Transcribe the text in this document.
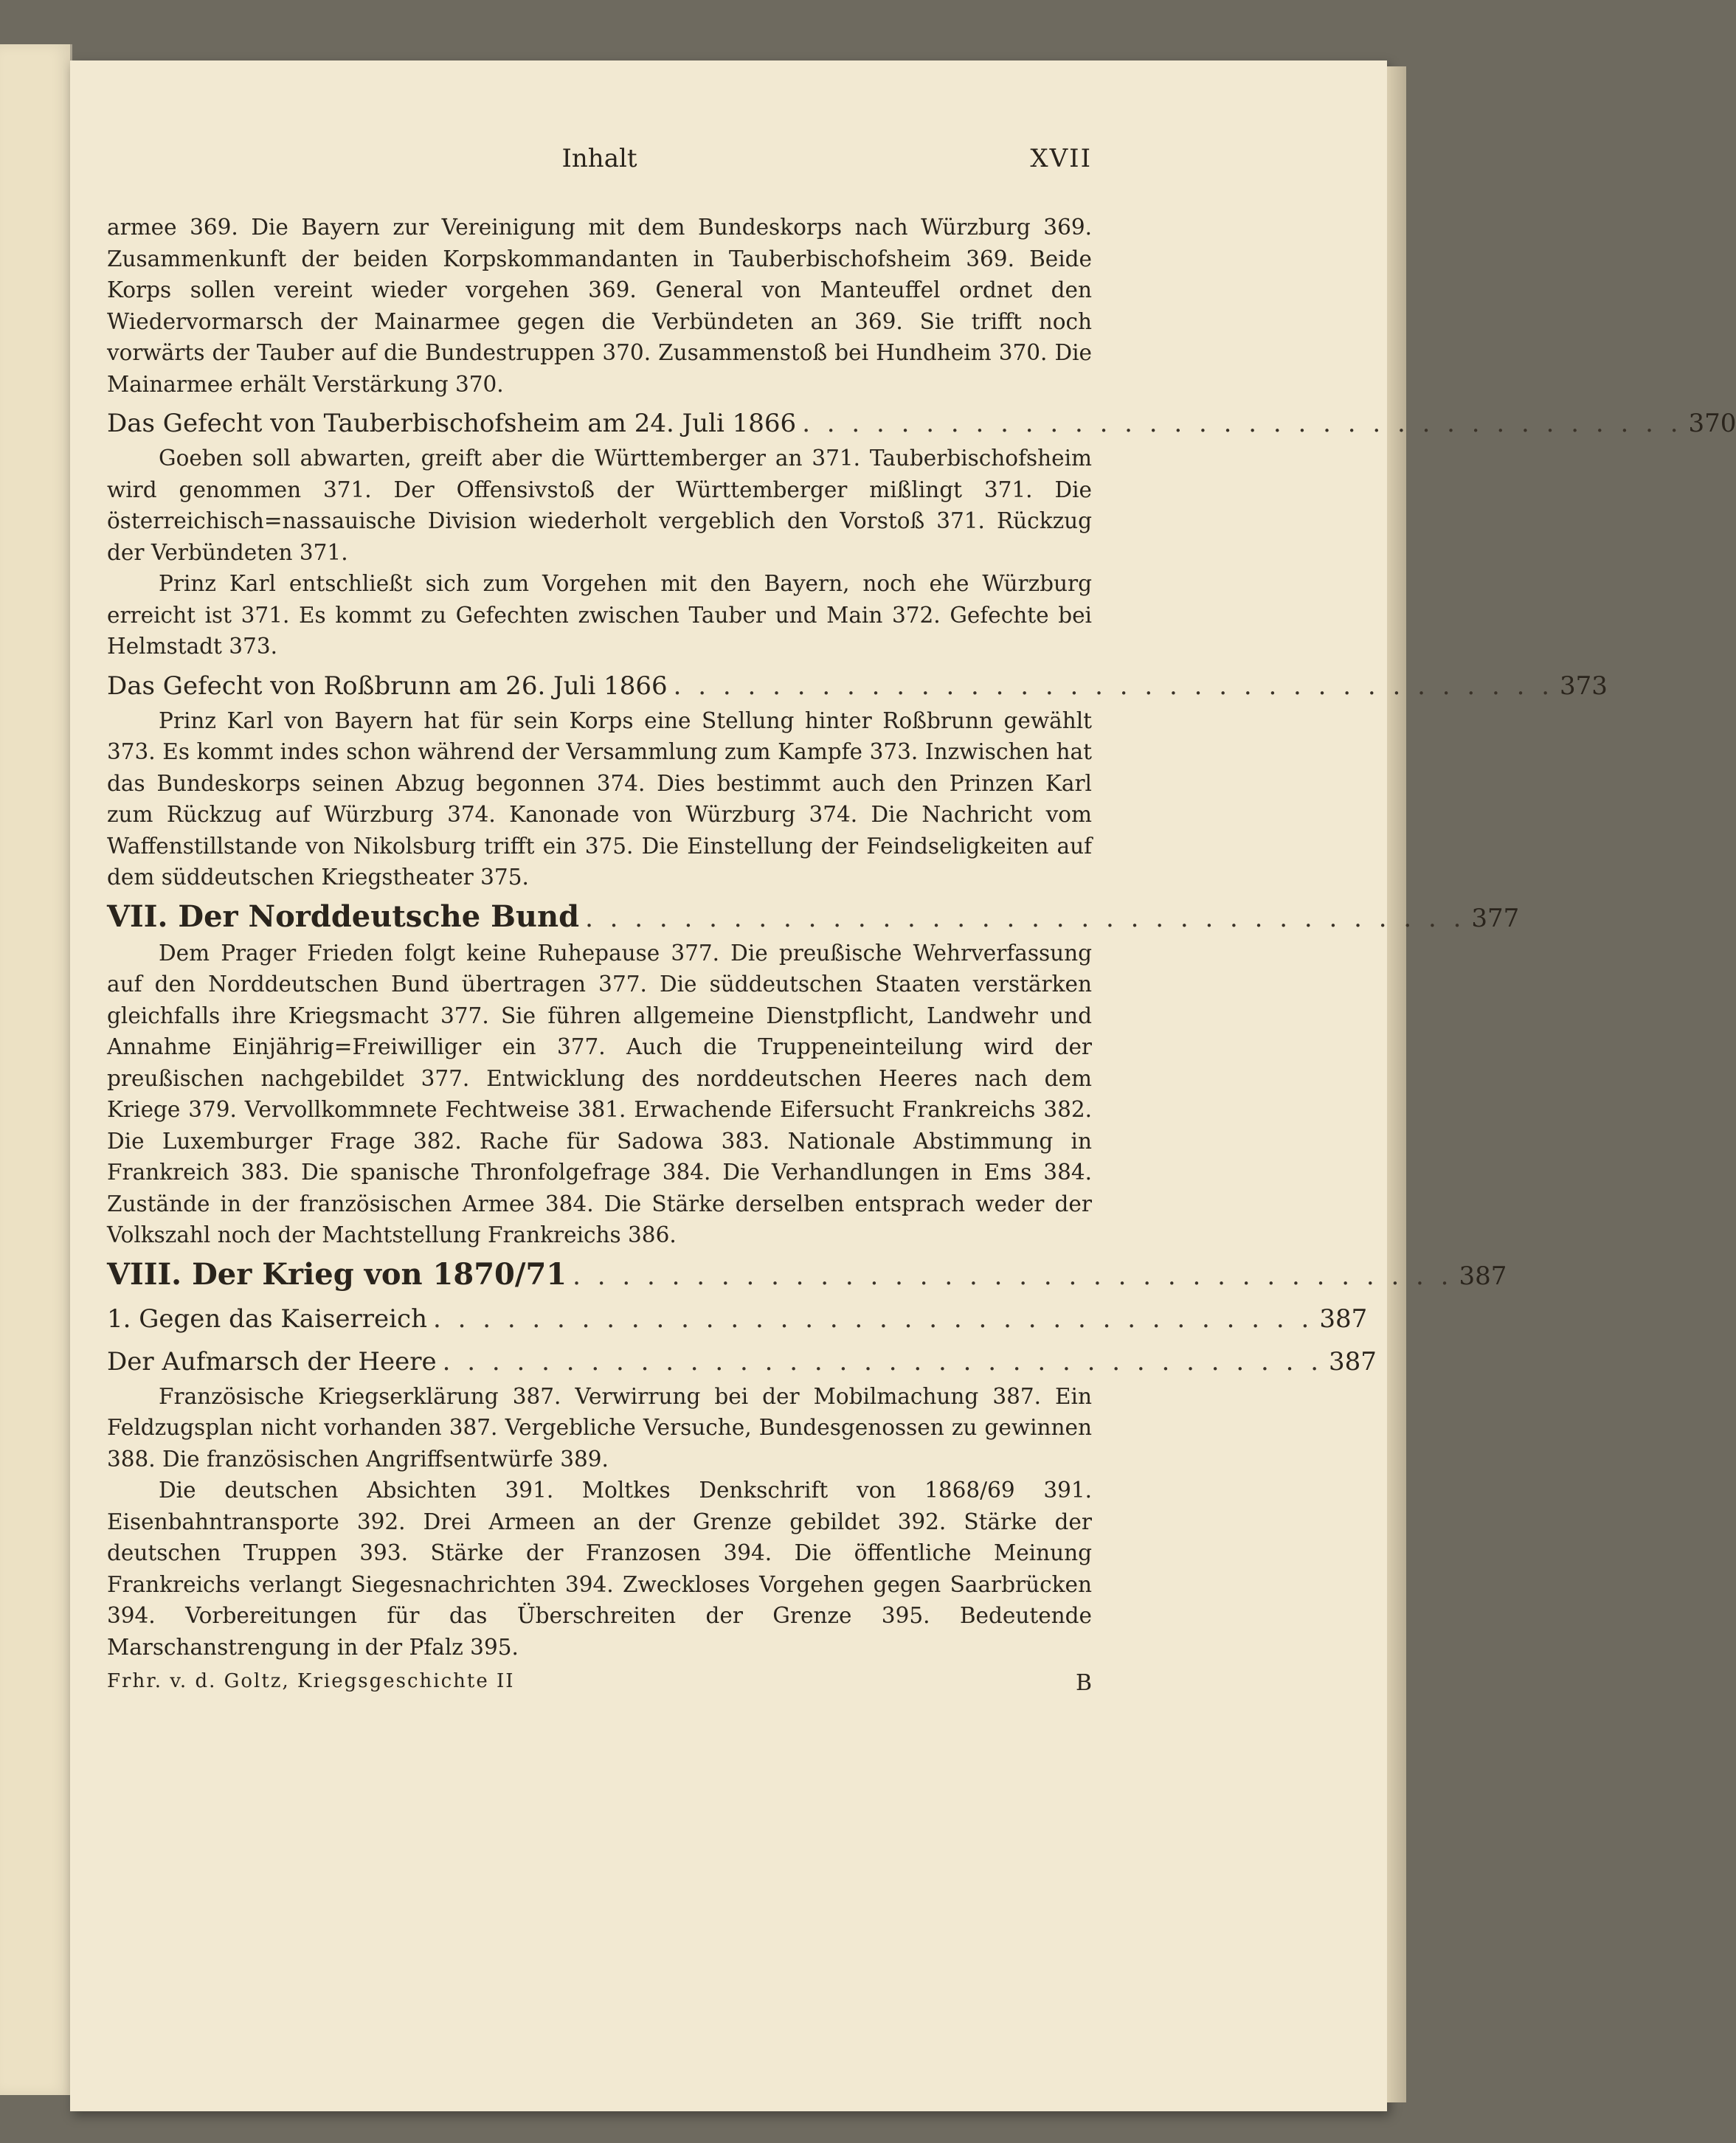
Inhalt	XVII

armee 369. Die Bayern zur Vereinigung mit dem Bundeskorps nach Würzburg 369. Zusammenkunft der beiden Korpskommandanten in Tauberbischofsheim 369. Beide Korps sollen vereint wieder vorgehen 369. General von Manteuffel ordnet den Wiedervormarsch der Mainarmee gegen die Verbündeten an 369. Sie trifft noch vorwärts der Tauber auf die Bundestruppen 370. Zusammenstoß bei Hundheim 370. Die Mainarmee erhält Verstärkung 370.

Das Gefecht von Tauberbischofsheim am 24. Juli 1866 . . . . . . . . . . . . . . . . . . . . . . . . . . . . . . . . . . . . 370

Goeben soll abwarten, greift aber die Württemberger an 371. Tauberbischofsheim wird genommen 371. Der Offensivstoß der Württemberger mißlingt 371. Die österreichisch=nassauische Division wiederholt vergeblich den Vorstoß 371. Rückzug der Verbündeten 371.

Prinz Karl entschließt sich zum Vorgehen mit den Bayern, noch ehe Würzburg erreicht ist 371. Es kommt zu Gefechten zwischen Tauber und Main 372. Gefechte bei Helmstadt 373.

Das Gefecht von Roßbrunn am 26. Juli 1866 . . . . . . . . . . . . . . . . . . . . . . . . . . . . . . . . . . . . 373

Prinz Karl von Bayern hat für sein Korps eine Stellung hinter Roßbrunn gewählt 373. Es kommt indes schon während der Versammlung zum Kampfe 373. Inzwischen hat das Bundeskorps seinen Abzug begonnen 374. Dies bestimmt auch den Prinzen Karl zum Rückzug auf Würzburg 374. Kanonade von Würzburg 374. Die Nachricht vom Waffenstillstande von Nikolsburg trifft ein 375. Die Einstellung der Feindseligkeiten auf dem süddeutschen Kriegstheater 375.

VII. Der Norddeutsche Bund . . . . . . . . . . . . . . . . . . . . . . . . . . . . . . . . . . . . 377

Dem Prager Frieden folgt keine Ruhepause 377. Die preußische Wehrverfassung auf den Norddeutschen Bund übertragen 377. Die süddeutschen Staaten verstärken gleichfalls ihre Kriegsmacht 377. Sie führen allgemeine Dienstpflicht, Landwehr und Annahme Einjährig=Freiwilliger ein 377. Auch die Truppeneinteilung wird der preußischen nachgebildet 377. Entwicklung des norddeutschen Heeres nach dem Kriege 379. Vervollkommnete Fechtweise 381. Erwachende Eifersucht Frankreichs 382. Die Luxemburger Frage 382. Rache für Sadowa 383. Nationale Abstimmung in Frankreich 383. Die spanische Thronfolgefrage 384. Die Verhandlungen in Ems 384. Zustände in der französischen Armee 384. Die Stärke derselben entsprach weder der Volkszahl noch der Machtstellung Frankreichs 386.

VIII. Der Krieg von 1870/71 . . . . . . . . . . . . . . . . . . . . . . . . . . . . . . . . . . . . 387
1. Gegen das Kaiserreich . . . . . . . . . . . . . . . . . . . . . . . . . . . . . . . . . . . . 387
Der Aufmarsch der Heere . . . . . . . . . . . . . . . . . . . . . . . . . . . . . . . . . . . . 387

Französische Kriegserklärung 387. Verwirrung bei der Mobilmachung 387. Ein Feldzugsplan nicht vorhanden 387. Vergebliche Versuche, Bundesgenossen zu gewinnen 388. Die französischen Angriffsentwürfe 389.

Die deutschen Absichten 391. Moltkes Denkschrift von 1868/69 391. Eisenbahntransporte 392. Drei Armeen an der Grenze gebildet 392. Stärke der deutschen Truppen 393. Stärke der Franzosen 394. Die öffentliche Meinung Frankreichs verlangt Siegesnachrichten 394. Zweckloses Vorgehen gegen Saarbrücken 394. Vorbereitungen für das Überschreiten der Grenze 395. Bedeutende Marschanstrengung in der Pfalz 395.

Frhr. v. d. Goltz, Kriegsgeschichte II	B
